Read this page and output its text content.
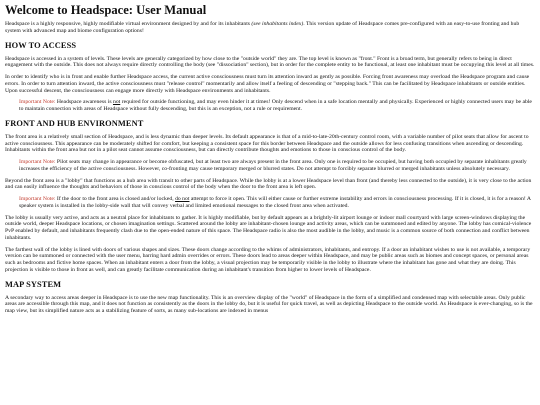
Welcome to Headspace: User Manual

Headspace is a highly responsive, highly modifiable virtual environment designed by and for its inhabitants (see inhabitants index). This version update of Headspace comes pre-configured with an easy-to-use fronting and hub system with advanced map and biome configuration options!

HOW TO ACCESS

Headspace is accessed in a system of levels. These levels are generally categorized by how close to the "outside world" they are. The top level is known as "front." Front is a broad term, but generally refers to being in direct engagement with the outside. This does not always require directly controlling the body (see "dissociation" section), but in order for the complete entity to be functional, at least one inhabitant must be occupying this level at all times.

In order to identify who is in front and enable further Headspace access, the current active consciousness must turn its attention inward as gently as possible. Forcing front awareness may overload the Headspace program and cause errors. In order to turn attention inward, the active consciousness must "release control" momentarily and allow itself a feeling of descending or "stepping back." This can be facilitated by Headspace inhabitants or outside entities. Upon successful descent, the consciousness can engage more directly with Headspace environments and inhabitants.

Important Note: Headspace awareness is not required for outside functioning, and may even hinder it at times! Only descend when in a safe location mentally and physically. Experienced or highly connected users may be able to maintain connection with areas of Headspace without fully descending, but this is an exception, not a rule or requirement.
FRONT AND HUB ENVIRONMENT

The front area is a relatively small section of Headspace, and is less dynamic than deeper levels. Its default appearance is that of a mid-to-late-20th-century control room, with a variable number of pilot seats that allow for ascent to active consciousness. This appearance can be moderately shifted for comfort, but keeping a consistent space for this border between Headspace and the outside allows for less confusing transitions when ascending or descending. Inhabitants within the front area but not in a pilot seat cannot assume consciousness, but can directly contribute thoughts and emotions to those in conscious control of the body.

Important Note: Pilot seats may change in appearance or become obfuscated, but at least two are always present in the front area. Only one is required to be occupied, but having both occupied by separate inhabitants greatly increases the efficiency of the active consciousness. However, co-fronting may cause temporary merged or blurred states. Do not attempt to forcibly separate blurred or merged inhabitants unless absolutely necessary.

Beyond the front area is a "lobby" that functions as a hub area with transit to other parts of Headspace. While the lobby is at a lower Headspace level than front (and thereby less connected to the outside), it is very close to the action and can easily influence the thoughts and behaviors of those in conscious control of the body when the door to the front area is left open.

Important Note: If the door to the front area is closed and/or locked, do not attempt to force it open. This will either cause or further extreme instability and errors in consciousness processing. If it is closed, it is for a reason! A speaker system is installed in the lobby-side wall that will convey verbal and limited emotional messages to the closed front area when activated.

The lobby is usually very active, and acts as a neutral place for inhabitants to gather. It is highly modifiable, but by default appears as a brightly-lit airport lounge or indoor mall courtyard with large screen-windows displaying the outside world, deeper Headspace locations, or chosen imagination settings. Scattered around the lobby are inhabitant-chosen lounge and activity areas, which can be summoned and edited by anyone. The lobby has comical-violence PvP enabled by default, and inhabitants frequently clash due to the open-ended nature of this space. The Headspace radio is also the most audible in the lobby, and music is a common source of both connection and conflict between inhabitants.

The farthest wall of the lobby is lined with doors of various shapes and sizes. These doors change according to the whims of administrators, inhabitants, and entropy. If a door an inhabitant wishes to use is not available, a temporary version can be summoned or connected with the user menu, barring hard admin overrides or errors. These doors lead to areas deeper within Headspace, and may be public areas such as biomes and concept spaces, or personal areas such as bedrooms and fictive home spaces. When an inhabitant enters a door from the lobby, a visual projection may be temporarily visible in the lobby to illustrate where the inhabitant has gone and what they are doing. This projection is visible to those in front as well, and can greatly facilitate communication during an inhabitant's transition from higher to lower levels of Headspace.

MAP SYSTEM

A secondary way to access areas deeper in Headspace is to use the new map functionality. This is an overview display of the "world" of Headspace in the form of a simplified and condensed map with selectable areas. Only public areas are accessible through this map, and it does not function as consistently as the doors in the lobby do, but it is useful for quick travel, as well as depicting Headspace to the outside world. As Headspace is ever-changing, so is the map view, but its simplified nature acts as a stabilizing feature of sorts, as many sub-locations are indexed in menus
